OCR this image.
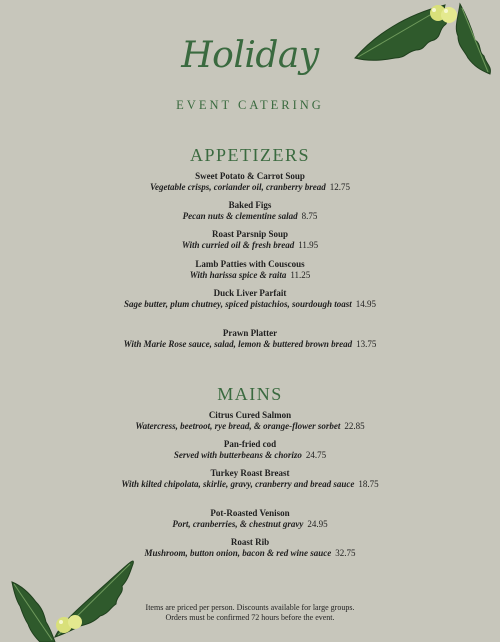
Holiday
EVENT CATERING
APPETIZERS
Sweet Potato & Carrot Soup
Vegetable crisps, coriander oil, cranberry bread 12.75
Baked Figs
Pecan nuts & clementine salad 8.75
Roast Parsnip Soup
With curried oil & fresh bread 11.95
Lamb Patties with Couscous
With harissa spice & raita 11.25
Duck Liver Parfait
Sage butter, plum chutney, spiced pistachios, sourdough toast 14.95
Prawn Platter
With Marie Rose sauce, salad, lemon & buttered brown bread 13.75
MAINS
Citrus Cured Salmon
Watercress, beetroot, rye bread, & orange-flower sorbet 22.85
Pan-fried cod
Served with butterbeans & chorizo 24.75
Turkey Roast Breast
With kilted chipolata, skirlie, gravy, cranberry and bread sauce 18.75
Pot-Roasted Venison
Port, cranberries, & chestnut gravy 24.95
Roast Rib
Mushroom, button onion, bacon & red wine sauce 32.75
Items are priced per person. Discounts available for large groups.
Orders must be confirmed 72 hours before the event.
